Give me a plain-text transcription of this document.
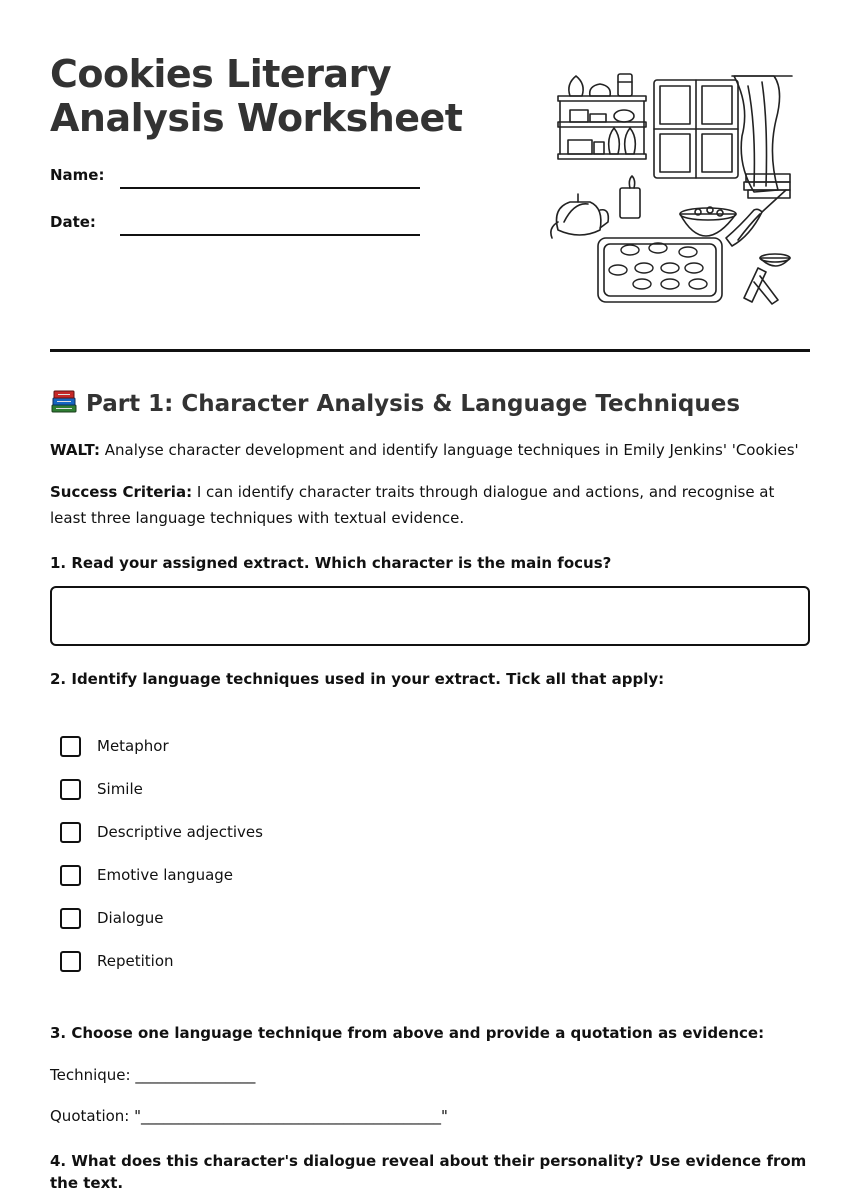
Cookies Literary Analysis Worksheet
Name:
Date:
Part 1: Character Analysis & Language Techniques
WALT: Analyse character development and identify language techniques in Emily Jenkins' 'Cookies'
Success Criteria: I can identify character traits through dialogue and actions, and recognise at least three language techniques with textual evidence.
1. Read your assigned extract. Which character is the main focus?
2. Identify language techniques used in your extract. Tick all that apply:
Metaphor
Simile
Descriptive adjectives
Emotive language
Dialogue
Repetition
3. Choose one language technique from above and provide a quotation as evidence:
Technique: ________________
Quotation: "________________________________________"
4. What does this character's dialogue reveal about their personality? Use evidence from the text.
